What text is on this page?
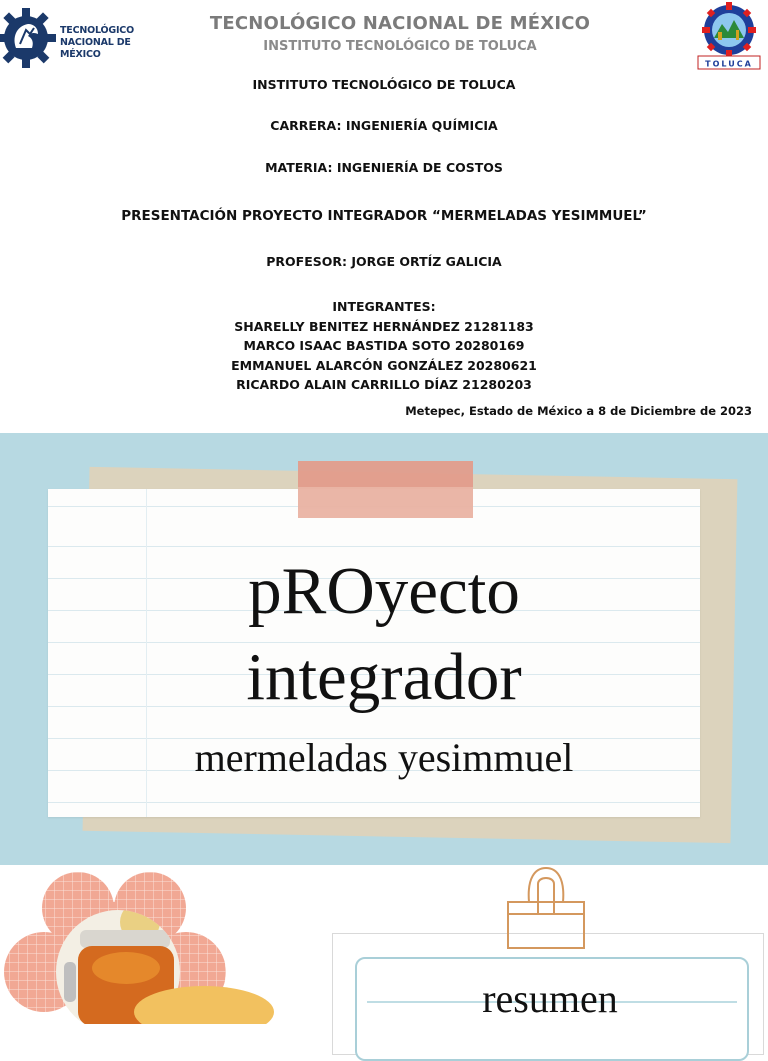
TECNOLÓGICO
NACIONAL DE MÉXICO
TECNOLÓGICO NACIONAL DE MÉXICO
INSTITUTO TECNOLÓGICO DE TOLUCA
TOLUCA
INSTITUTO TECNOLÓGICO DE TOLUCA
CARRERA: INGENIERÍA QUÍMICIA
MATERIA: INGENIERÍA DE COSTOS
PRESENTACIÓN PROYECTO INTEGRADOR “MERMELADAS YESIMMUEL”
PROFESOR: JORGE ORTÍZ GALICIA
INTEGRANTES:
SHARELLY BENITEZ HERNÁNDEZ 21281183
MARCO ISAAC BASTIDA SOTO 20280169
EMMANUEL ALARCÓN GONZÁLEZ 20280621
RICARDO ALAIN CARRILLO DÍAZ 21280203
Metepec, Estado de México a 8 de Diciembre de 2023
pROyecto
integrador
mermeladas yesimmuel
resumen
